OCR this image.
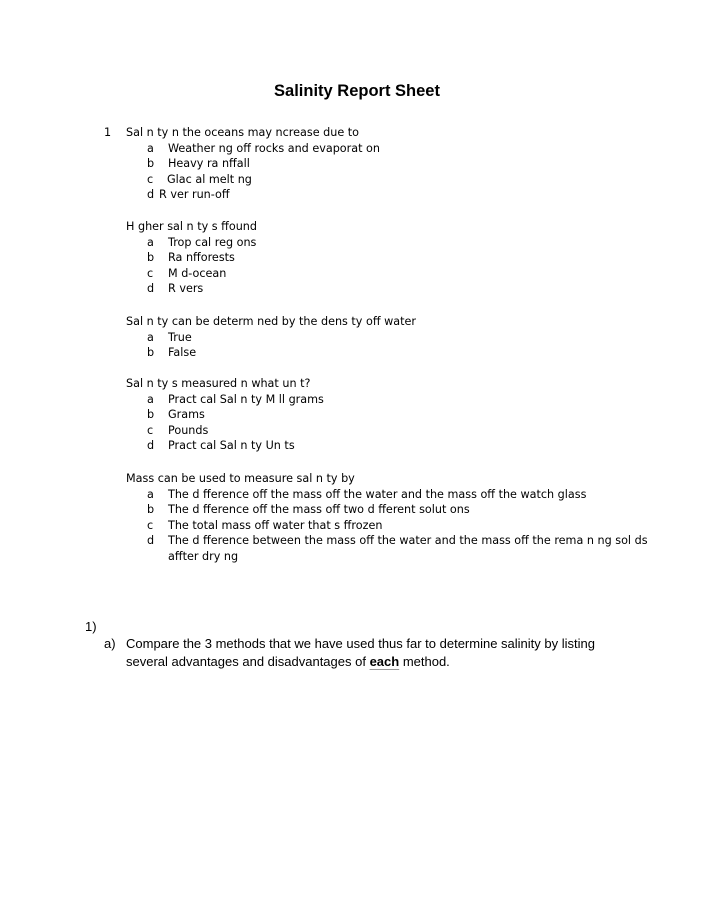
Salinity Report Sheet
1 Sal n ty n the oceans may ncrease due to
a Weather ng off rocks and evaporat on
b Heavy ra nffall
c Glac al melt ng
d R ver run-off
H gher sal n ty s ffound
a Trop cal reg ons
b Ra nfforests
c M d-ocean
d R vers
Sal n ty can be determ ned by the dens ty off water
a True
b False
Sal n ty s measured n what un t?
a Pract cal Sal n ty M ll grams
b Grams
c Pounds
d Pract cal Sal n ty Un ts
Mass can be used to measure sal n ty by
a The d fference off the mass off the water and the mass off the watch glass
b The d fference off the mass off two d fferent solut ons
c The total mass off water that s ffrozen
d The d fference between the mass off the water and the mass off the rema n ng sol ds affter dry ng
1)
a) Compare the 3 methods that we have used thus far to determine salinity by listing several advantages and disadvantages of each method.
